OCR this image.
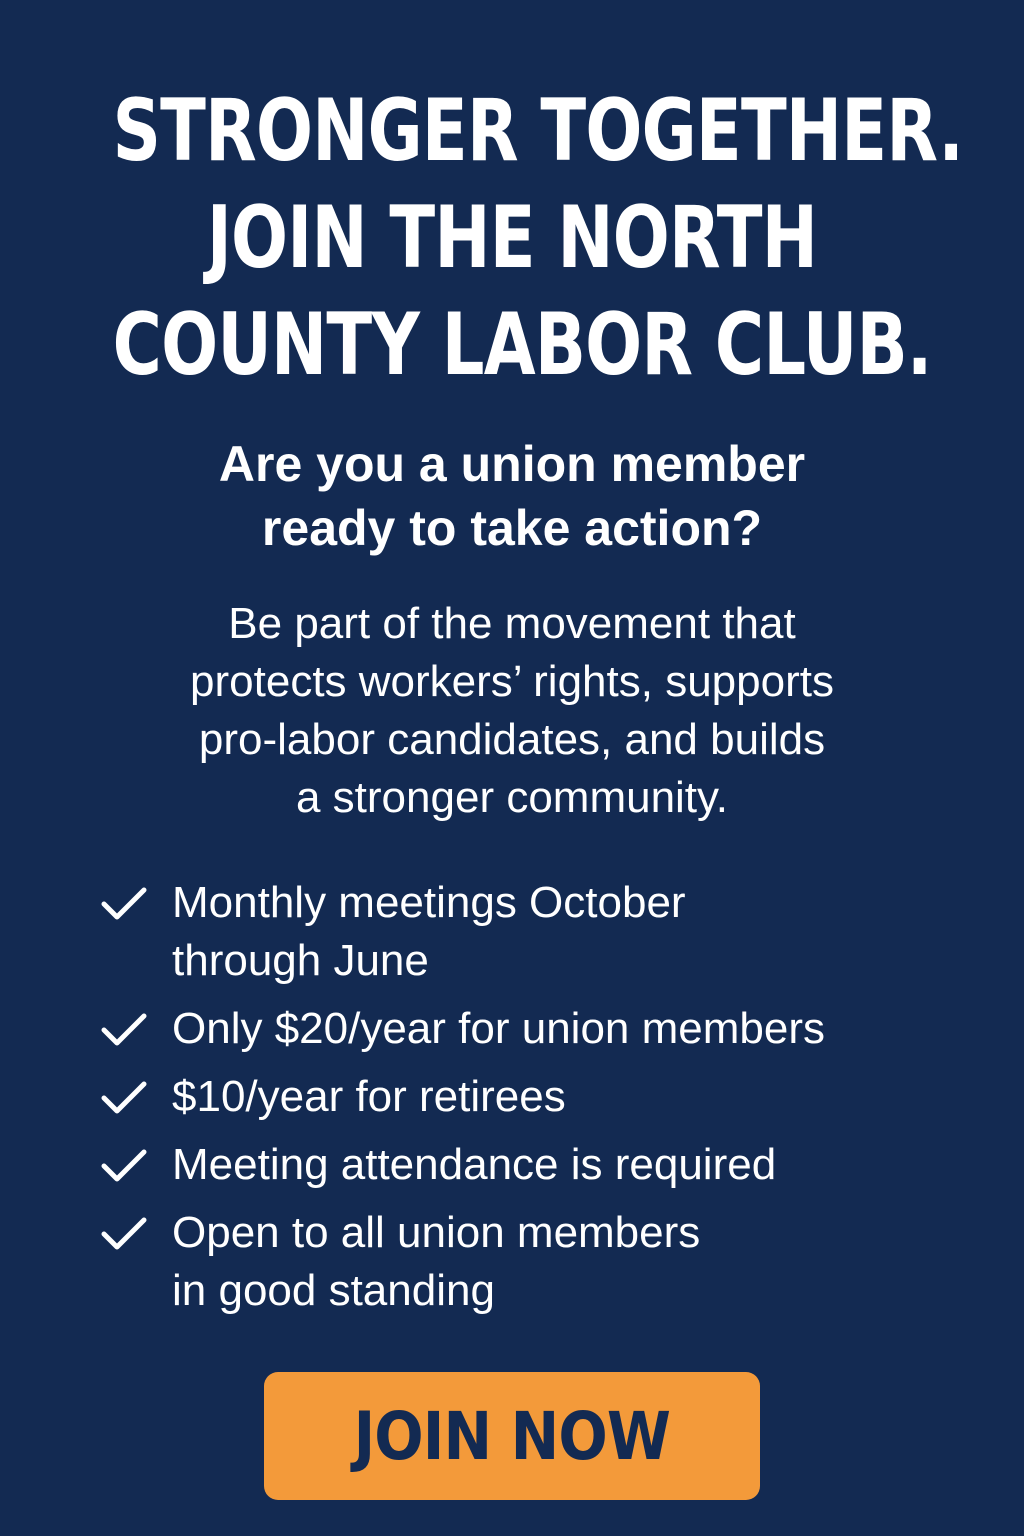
STRONGER TOGETHER.
JOIN THE NORTH
COUNTY LABOR CLUB.
Are you a union member
ready to take action?

Be part of the movement that
protects workers’ rights, supports
pro-labor candidates, and builds
a stronger community.

Monthly meetings October
through June
Only $20/year for union members
$10/year for retirees
Meeting attendance is required
Open to all union members
in good standing
JOIN NOW
